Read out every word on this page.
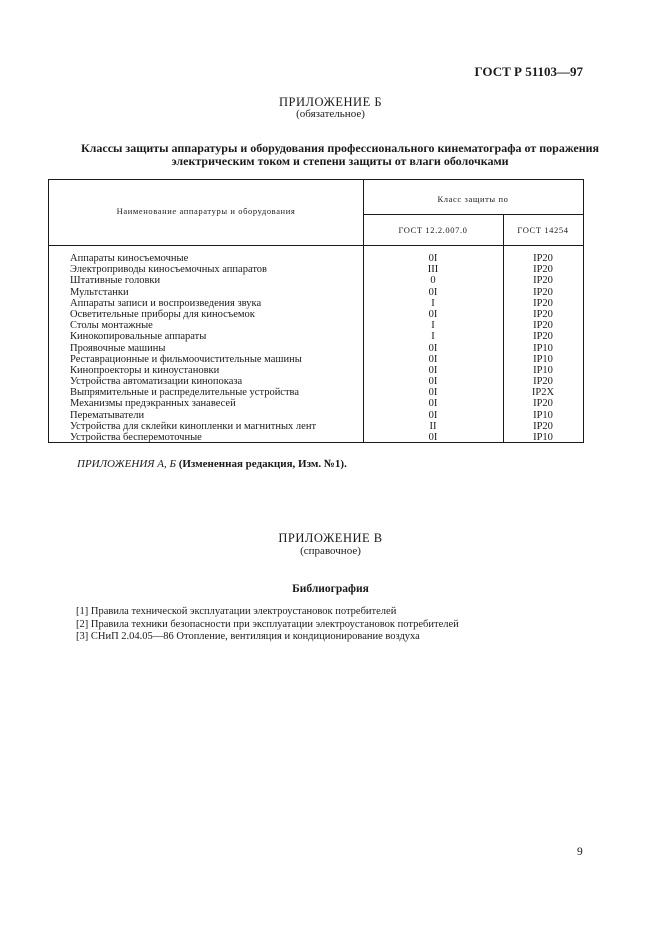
ГОСТ Р 51103—97
ПРИЛОЖЕНИЕ Б
(обязательное)
Классы защиты аппаратуры и оборудования профессионального кинематографа от поражения
электрическим током и степени защиты от влаги оболочками
Наименование аппаратуры и оборудования
Класс защиты по
ГОСТ 12.2.007.0	ГОСТ 14254
Аппараты киносъемочные	0I	IP20
Электроприводы киносъемочных аппаратов	III	IP20
Штативные головки	0	IP20
Мультстанки	0I	IP20
Аппараты записи и воспроизведения звука	I	IP20
Осветительные приборы для киносъемок	0I	IP20
Столы монтажные	I	IP20
Кинокопировальные аппараты	I	IP20
Проявочные машины	0I	IP10
Реставрационные и фильмоочистительные машины	0I	IP10
Кинопроекторы и киноустановки	0I	IP10
Устройства автоматизации кинопоказа	0I	IP20
Выпрямительные и распределительные устройства	0I	IP2X
Механизмы предэкранных занавесей	0I	IP20
Перематыватели	0I	IP10
Устройства для склейки кинопленки и магнитных лент	II	IP20
Устройства бесперемоточные	0I	IP10
ПРИЛОЖЕНИЯ А, Б (Измененная редакция, Изм. №1).
ПРИЛОЖЕНИЕ В
(справочное)
Библиография
[1] Правила технической эксплуатации электроустановок потребителей
[2] Правила техники безопасности при эксплуатации электроустановок потребителей
[3] СНиП 2.04.05—86 Отопление, вентиляция и кондиционирование воздуха
9
